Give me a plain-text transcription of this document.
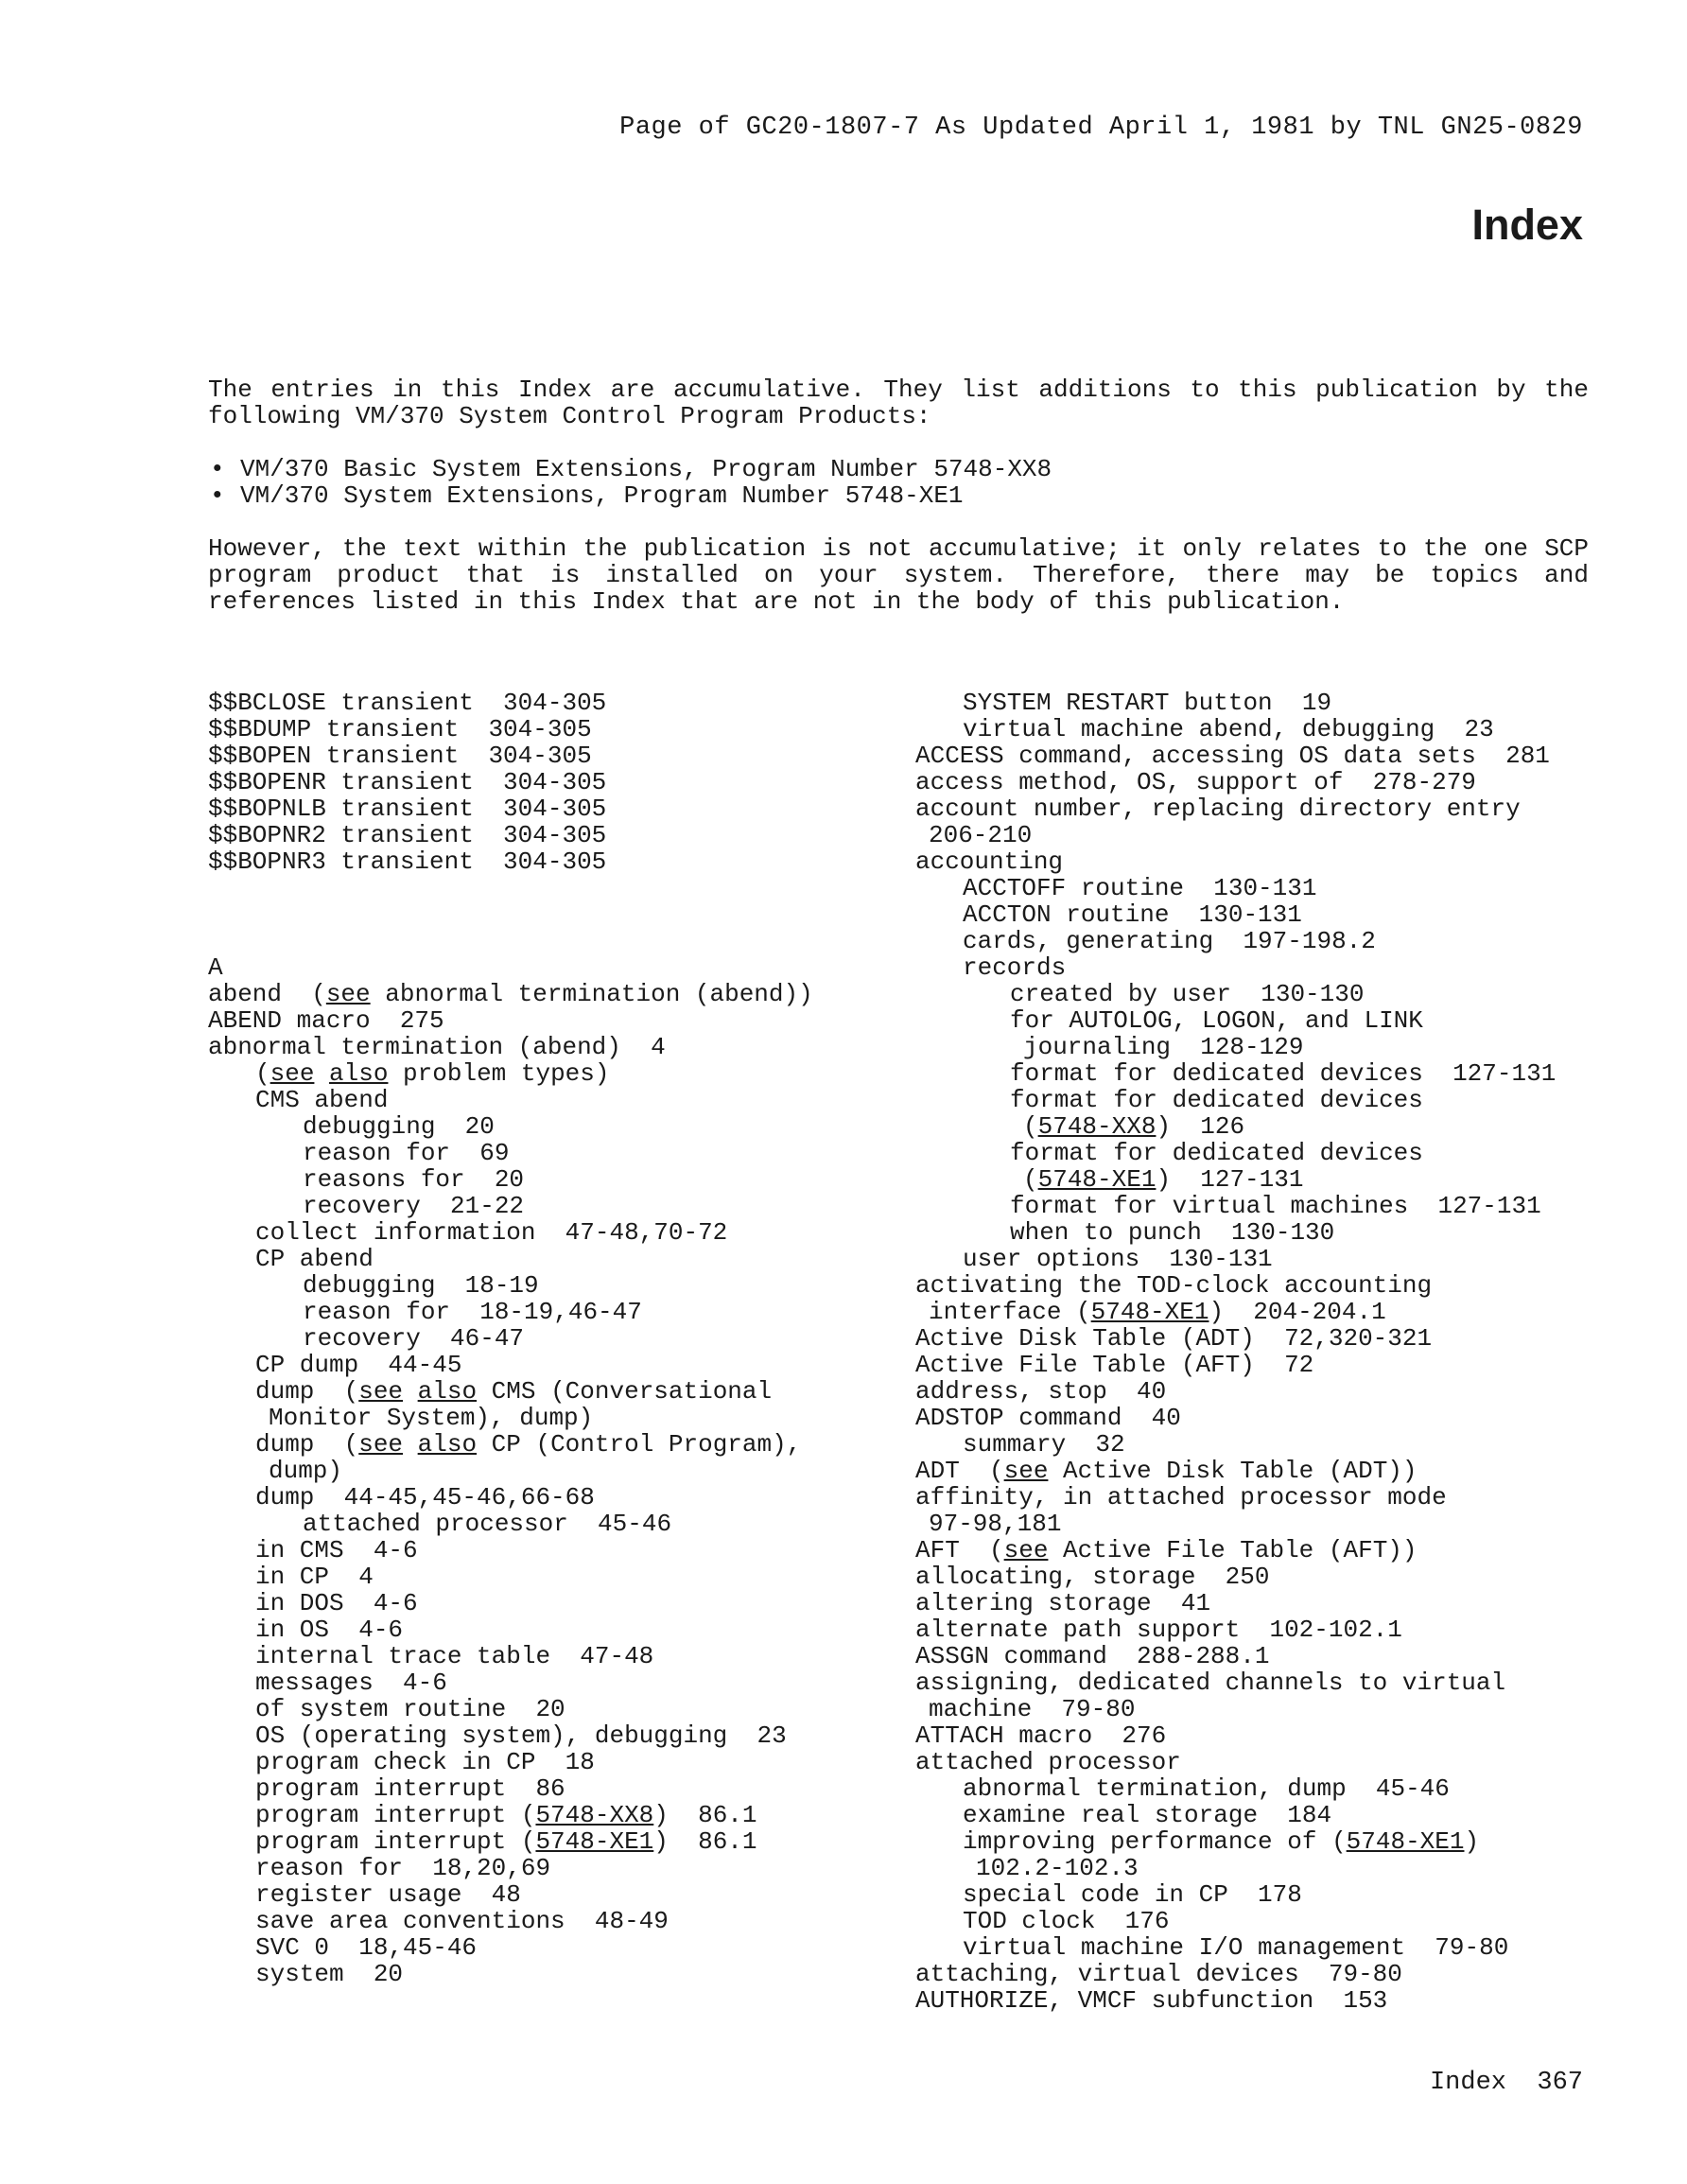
Page of GC20-1807-7 As Updated April 1, 1981 by TNL GN25-0829
Index

The entries in this Index are accumulative. They list additions to this publication by the following VM/370 System Control Program Products:

• VM/370 Basic System Extensions, Program Number 5748-XX8
• VM/370 System Extensions, Program Number 5748-XE1

However, the text within the publication is not accumulative; it only relates to the one SCP program product that is installed on your system. Therefore, there may be topics and references listed in this Index that are not in the body of this publication.

$$BCLOSE transient  304-305
$$BDUMP transient  304-305
$$BOPEN transient  304-305
$$BOPENR transient  304-305
$$BOPNLB transient  304-305
$$BOPNR2 transient  304-305
$$BOPNR3 transient  304-305
A
abend  (see abnormal termination (abend))
ABEND macro  275
abnormal termination (abend)  4
(see also problem types)
CMS abend
debugging  20
reason for  69
reasons for  20
recovery  21-22
collect information  47-48,70-72
CP abend
debugging  18-19
reason for  18-19,46-47
recovery  46-47
CP dump  44-45
dump  (see also CMS (Conversational
Monitor System), dump)
dump  (see also CP (Control Program),
dump)
dump  44-45,45-46,66-68
attached processor  45-46
in CMS  4-6
in CP  4
in DOS  4-6
in OS  4-6
internal trace table  47-48
messages  4-6
of system routine  20
OS (operating system), debugging  23
program check in CP  18
program interrupt  86
program interrupt (5748-XX8)  86.1
program interrupt (5748-XE1)  86.1
reason for  18,20,69
register usage  48
save area conventions  48-49
SVC 0  18,45-46
system  20
SYSTEM RESTART button  19
virtual machine abend, debugging  23
ACCESS command, accessing OS data sets  281
access method, OS, support of  278-279
account number, replacing directory entry
206-210
accounting
ACCTOFF routine  130-131
ACCTON routine  130-131
cards, generating  197-198.2
records
created by user  130-130
for AUTOLOG, LOGON, and LINK
journaling  128-129
format for dedicated devices  127-131
format for dedicated devices
(5748-XX8)  126
format for dedicated devices
(5748-XE1)  127-131
format for virtual machines  127-131
when to punch  130-130
user options  130-131
activating the TOD-clock accounting
interface (5748-XE1)  204-204.1
Active Disk Table (ADT)  72,320-321
Active File Table (AFT)  72
address, stop  40
ADSTOP command  40
summary  32
ADT  (see Active Disk Table (ADT))
affinity, in attached processor mode
97-98,181
AFT  (see Active File Table (AFT))
allocating, storage  250
altering storage  41
alternate path support  102-102.1
ASSGN command  288-288.1
assigning, dedicated channels to virtual
machine  79-80
ATTACH macro  276
attached processor
abnormal termination, dump  45-46
examine real storage  184
improving performance of (5748-XE1)
102.2-102.3
special code in CP  178
TOD clock  176
virtual machine I/O management  79-80
attaching, virtual devices  79-80
AUTHORIZE, VMCF subfunction  153
Index  367
